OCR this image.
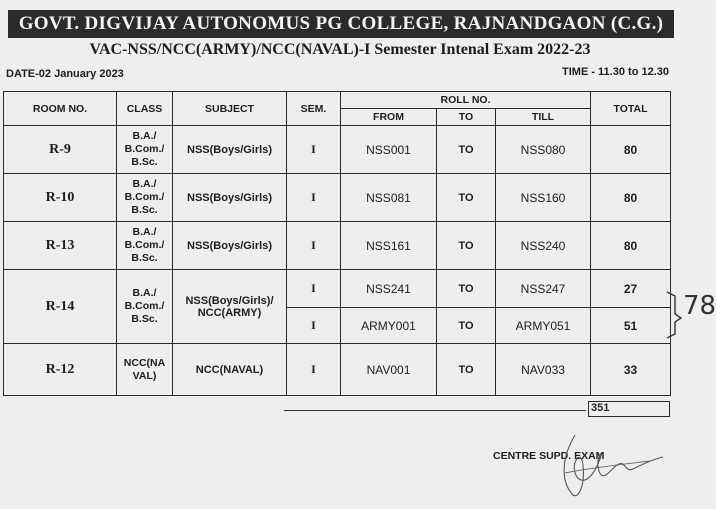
GOVT. DIGVIJAY AUTONOMUS PG COLLEGE, RAJNANDGAON (C.G.)
VAC-NSS/NCC(ARMY)/NCC(NAVAL)-I Semester Intenal Exam 2022-23
DATE-02 January 2023	TIME - 11.30 to 12.30
ROOM NO.	CLASS	SUBJECT	SEM.	ROLL NO.			TOTAL
				FROM	TO	TILL	
R-9	B.A./ B.Com./ B.Sc.	NSS(Boys/Girls)	I	NSS001	TO	NSS080	80
R-10	B.A./ B.Com./ B.Sc.	NSS(Boys/Girls)	I	NSS081	TO	NSS160	80
R-13	B.A./ B.Com./ B.Sc.	NSS(Boys/Girls)	I	NSS161	TO	NSS240	80
R-14	B.A./ B.Com./ B.Sc.	NSS(Boys/Girls)/ NCC(ARMY)	I	NSS241	TO	NSS247	27
			I	ARMY001	TO	ARMY051	51
R-12	NCC(NA VAL)	NCC(NAVAL)	I	NAV001	TO	NAV033	33
351
78
CENTRE SUPD. EXAM
